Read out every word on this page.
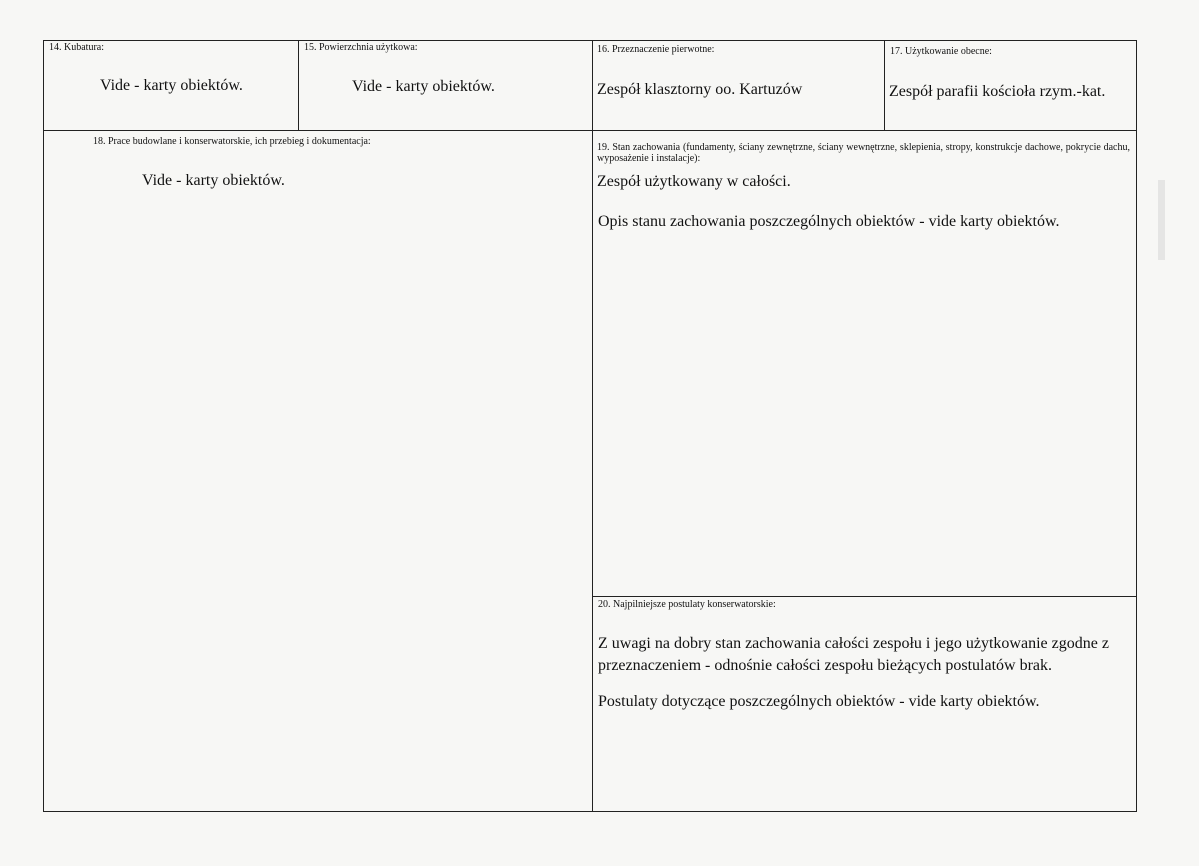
14. Kubatura:
Vide - karty obiektów.
15. Powierzchnia użytkowa:
Vide - karty obiektów.
16. Przeznaczenie pierwotne:
Zespół klasztorny oo. Kartuzów
17. Użytkowanie obecne:
Zespół parafii kościoła rzym.-kat.
18. Prace budowlane i konserwatorskie, ich przebieg i dokumentacja:
Vide - karty obiektów.
19. Stan zachowania (fundamenty, ściany zewnętrzne, ściany wewnętrzne, sklepienia, stropy, konstrukcje dachowe, pokrycie dachu, wyposażenie i instalacje):
Zespół użytkowany w całości.
Opis stanu zachowania poszczególnych obiektów - vide karty obiektów.
20. Najpilniejsze postulaty konserwatorskie:
Z uwagi na dobry stan zachowania całości zespołu i jego użytkowanie zgodne z przeznaczeniem - odnośnie całości zespołu bieżących postulatów brak.
Postulaty dotyczące poszczególnych obiektów - vide karty obiektów.
